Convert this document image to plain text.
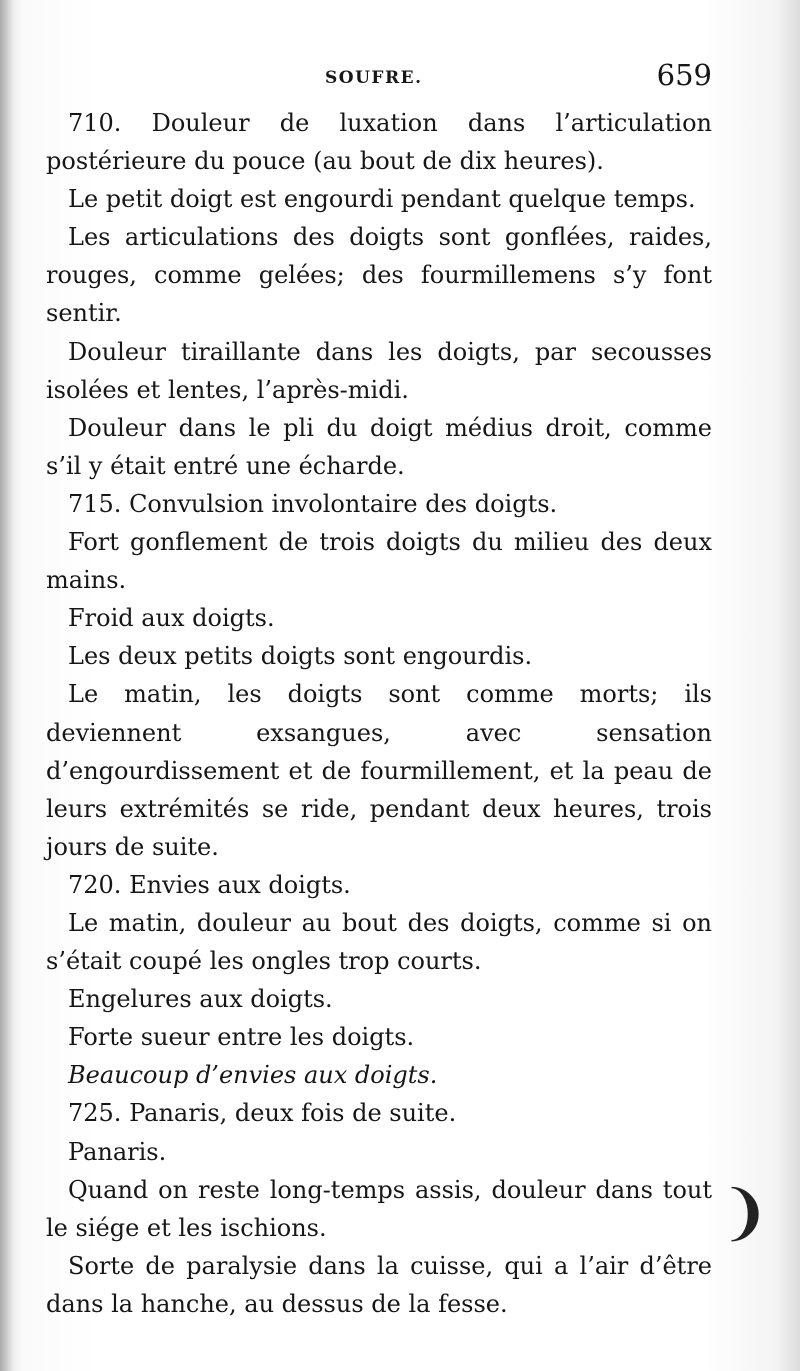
SOUFRE.	659

710. Douleur de luxation dans l’articulation postérieure du pouce (au bout de dix heures).

Le petit doigt est engourdi pendant quelque temps.

Les articulations des doigts sont gonflées, raides, rouges, comme gelées; des fourmillemens s’y font sentir.

Douleur tiraillante dans les doigts, par secousses isolées et lentes, l’après-midi.

Douleur dans le pli du doigt médius droit, comme s’il y était entré une écharde.

715. Convulsion involontaire des doigts.

Fort gonflement de trois doigts du milieu des deux mains.

Froid aux doigts.

Les deux petits doigts sont engourdis.

Le matin, les doigts sont comme morts; ils deviennent exsangues, avec sensation d’engourdissement et de fourmillement, et la peau de leurs extrémités se ride, pendant deux heures, trois jours de suite.

720. Envies aux doigts.

Le matin, douleur au bout des doigts, comme si on s’était coupé les ongles trop courts.

Engelures aux doigts.

Forte sueur entre les doigts.

Beaucoup d’envies aux doigts.

725. Panaris, deux fois de suite.

Panaris.

Quand on reste long-temps assis, douleur dans tout le siége et les ischions.

Sorte de paralysie dans la cuisse, qui a l’air d’être dans la hanche, au dessus de la fesse.

❩
